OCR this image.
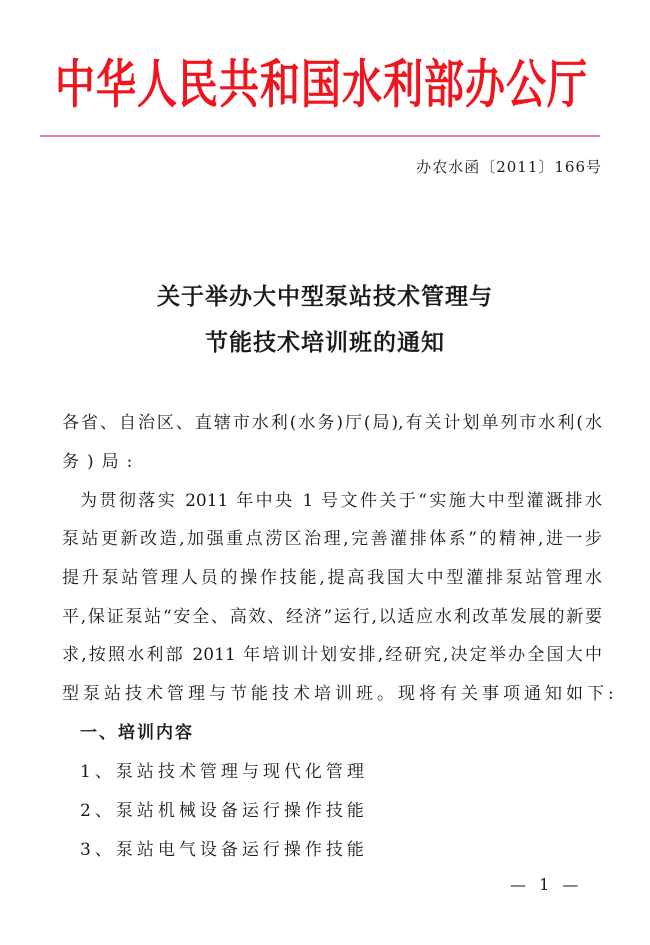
中华人民共和国水利部办公厅
办农水函〔2011〕166号
关于举办大中型泵站技术管理与
节能技术培训班的通知
各省、自治区、直辖市水利(水务)厅(局),有关计划单列市水利(水
务)局:
为贯彻落实 2011 年中央 1 号文件关于“实施大中型灌溉排水
泵站更新改造,加强重点涝区治理,完善灌排体系”的精神,进一步
提升泵站管理人员的操作技能,提高我国大中型灌排泵站管理水
平,保证泵站“安全、高效、经济”运行,以适应水利改革发展的新要
求,按照水利部 2011 年培训计划安排,经研究,决定举办全国大中
型泵站技术管理与节能技术培训班。现将有关事项通知如下:
一、培训内容
1、泵站技术管理与现代化管理
2、泵站机械设备运行操作技能
3、泵站电气设备运行操作技能
— 1 —
